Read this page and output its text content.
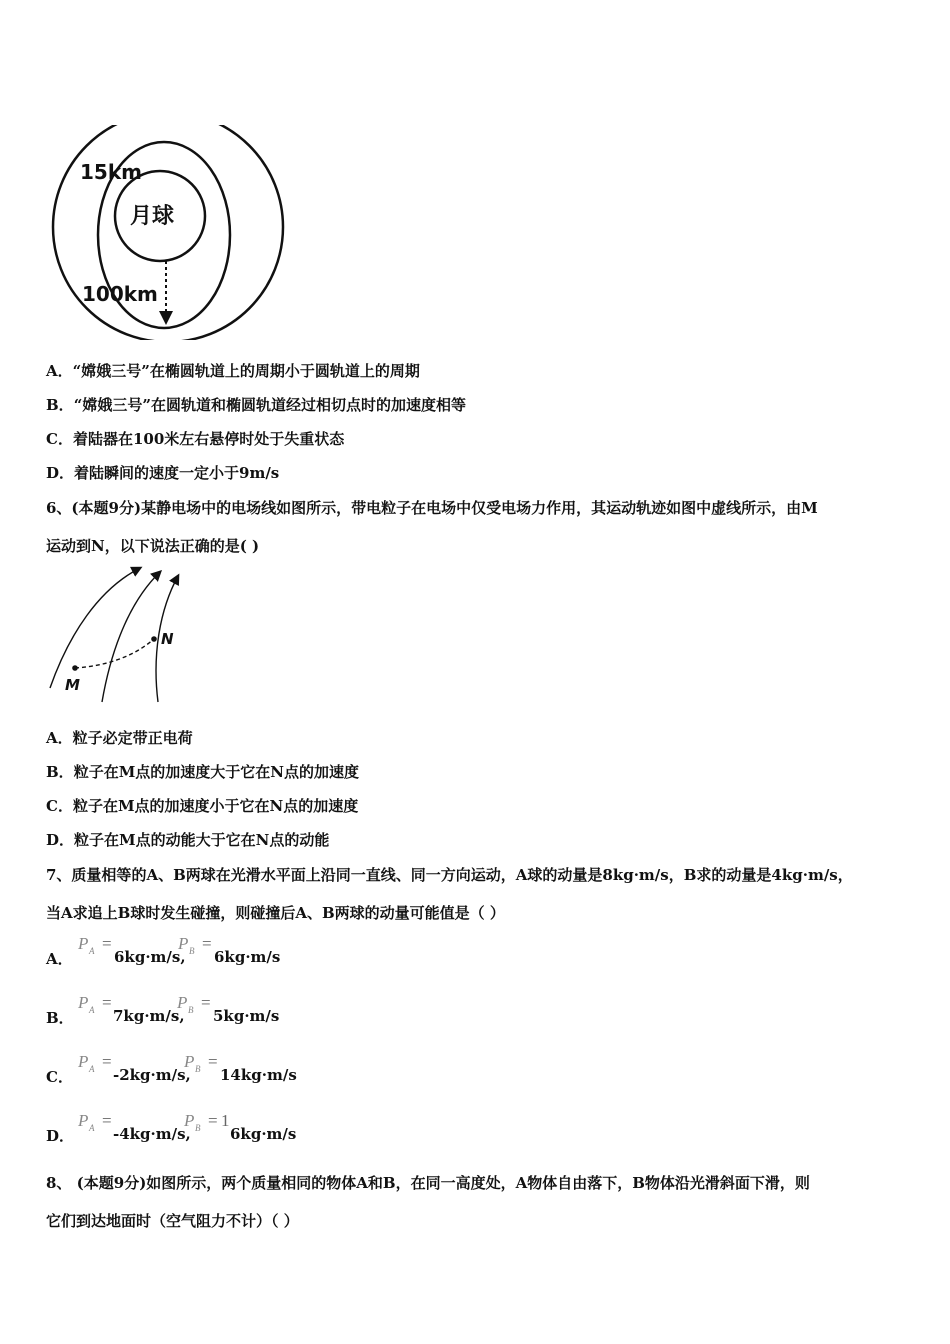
15km
月球
100km
A．“嫦娥三号”在椭圆轨道上的周期小于圆轨道上的周期
B．“嫦娥三号”在圆轨道和椭圆轨道经过相切点时的加速度相等
C．着陆器在100米左右悬停时处于失重状态
D．着陆瞬间的速度一定小于9m/s
6、(本题9分)某静电场中的电场线如图所示，带电粒子在电场中仅受电场力作用，其运动轨迹如图中虚线所示，由M
运动到N，以下说法正确的是( )
M
N
A．粒子必定带正电荷
B．粒子在M点的加速度大于它在N点的加速度
C．粒子在M点的加速度小于它在N点的加速度
D．粒子在M点的动能大于它在N点的动能
7、质量相等的A、B两球在光滑水平面上沿同一直线、同一方向运动，A球的动量是8kg·m/s，B求的动量是4kg·m/s，
当A求追上B球时发生碰撞，则碰撞后A、B两球的动量可能值是（ ）
A．
P A =
6kg·m/s,
P B =
6kg·m/s
B．
P A =
7kg·m/s,
P B =
5kg·m/s
C．
P A =
-2kg·m/s,
P B =
14kg·m/s
D．
P A =
-4kg·m/s,
P B = 1
6kg·m/s
8、 (本题9分)如图所示，两个质量相同的物体A和B，在同一高度处，A物体自由落下，B物体沿光滑斜面下滑，则
它们到达地面时（空气阻力不计）（ ）
